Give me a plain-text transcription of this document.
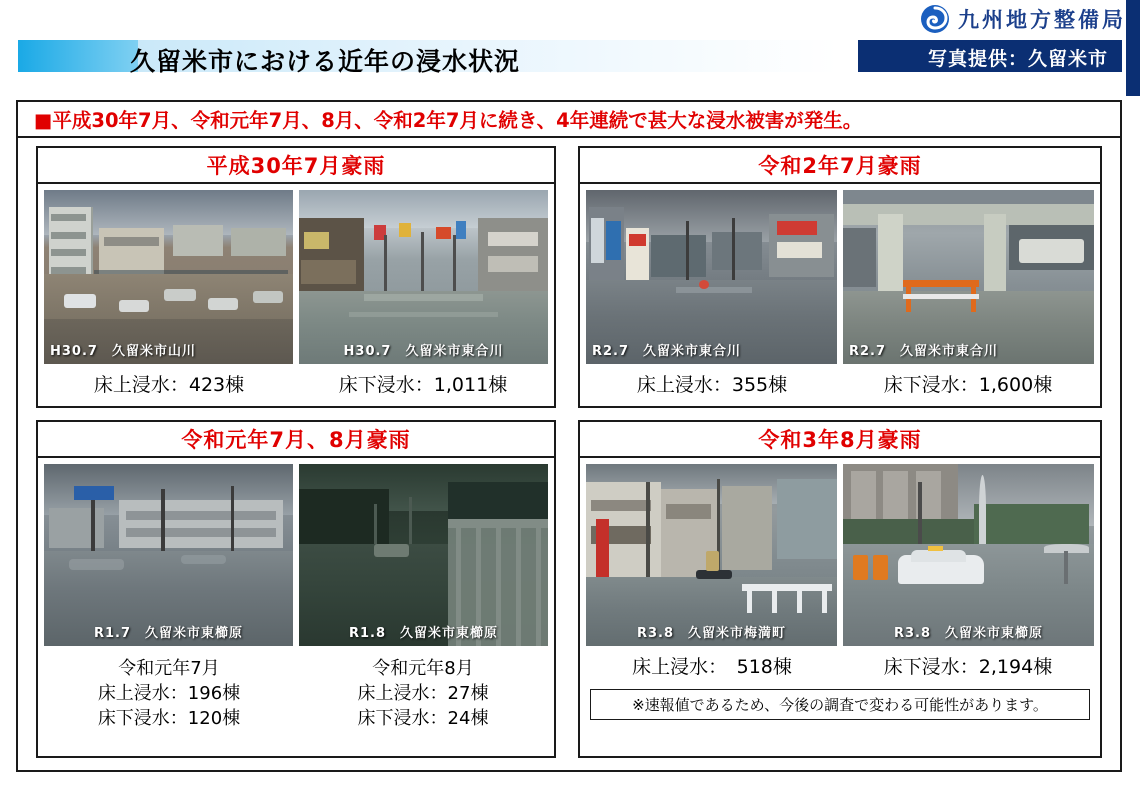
九州地方整備局
久留米市における近年の浸水状況	写真提供：久留米市
■平成30年7月、令和元年7月、8月、令和2年7月に続き、4年連続で甚大な浸水被害が発生。
平成30年7月豪雨
H30.7　久留米市山川	H30.7　久留米市東合川
床上浸水：423棟	床下浸水：1,011棟
令和2年7月豪雨
R2.7　久留米市東合川	R2.7　久留米市東合川
床上浸水：355棟	床下浸水：1,600棟
令和元年7月、8月豪雨
R1.7　久留米市東櫛原	R1.8　久留米市東櫛原
令和元年7月
床上浸水：196棟
床下浸水：120棟
令和元年8月
床上浸水：27棟
床下浸水：24棟
令和3年8月豪雨
R3.8　久留米市梅満町	R3.8　久留米市東櫛原
床上浸水：　518棟	床下浸水：2,194棟
※速報値であるため、今後の調査で変わる可能性があります。
